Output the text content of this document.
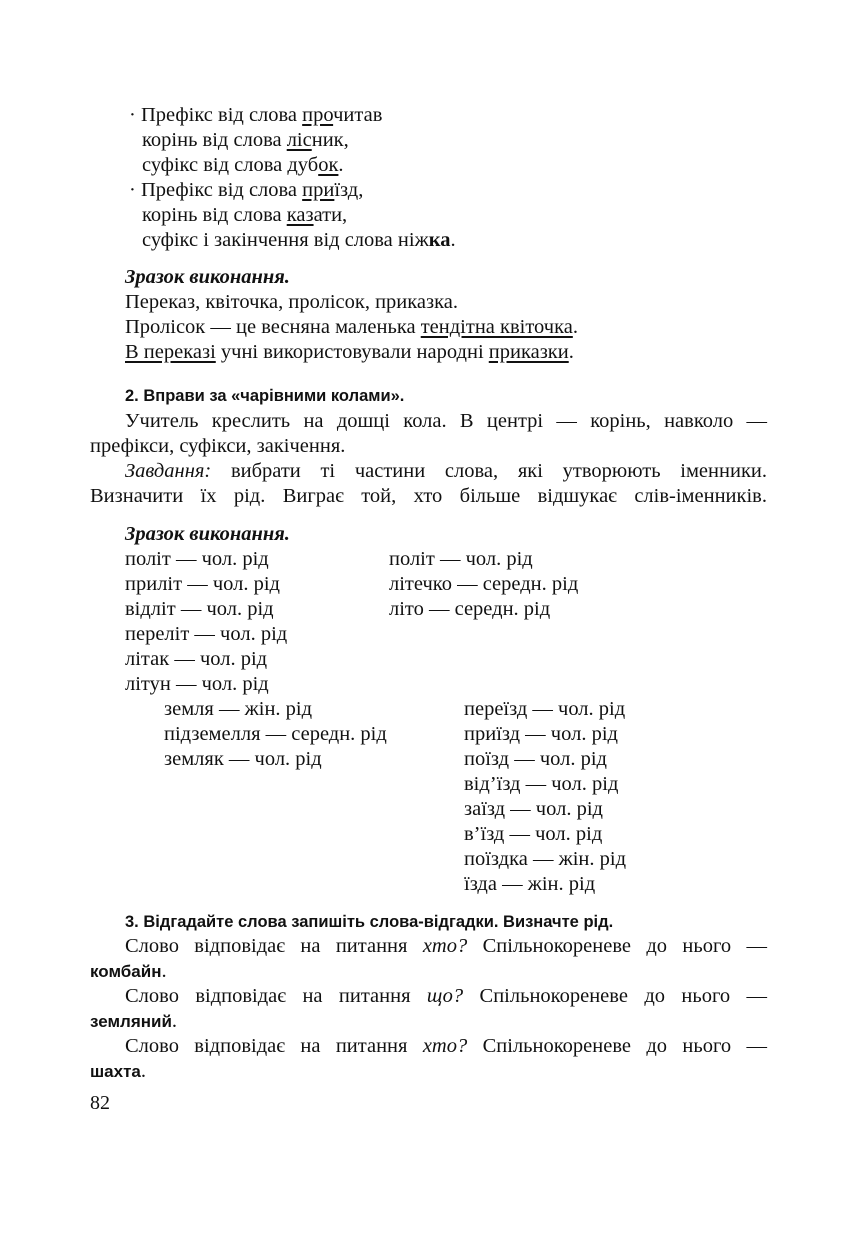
· Префікс від слова прочитав
корінь від слова лісник,
суфікс від слова дубок.
· Префікс від слова приїзд,
корінь від слова казати,
суфікс і закінчення від слова ніжка.
Зразок виконання.
Переказ, квіточка, пролісок, приказка.
Пролісок — це весняна маленька тендітна квіточка.
В переказі учні використовували народні приказки.
2. Вправи за «чарівними колами».
Учитель креслить на дошці кола. В центрі — корінь, навколо —
префікси, суфікси, закічення.
Завдання: вибрати ті частини слова, які утворюють іменники.
Визначити їх рід. Виграє той, хто більше відшукає слів-іменників.
Зразок виконання.
політ — чол. рід
приліт — чол. рід
відліт — чол. рід
переліт — чол. рід
літак — чол. рід
літун — чол. рід
політ — чол. рід
літечко — середн. рід
літо — середн. рід
земля — жін. рід
підземелля — середн. рід
земляк — чол. рід
переїзд — чол. рід
приїзд — чол. рід
поїзд — чол. рід
від’їзд — чол. рід
заїзд — чол. рід
в’їзд — чол. рід
поїздка — жін. рід
їзда — жін. рід
3. Відгадайте слова запишіть слова-відгадки. Визначте рід.
Слово відповідає на питання хто? Спільнокореневе до нього —
комбайн.
Слово відповідає на питання що? Спільнокореневе до нього —
земляний.
Слово відповідає на питання хто? Спільнокореневе до нього —
шахта.
82
